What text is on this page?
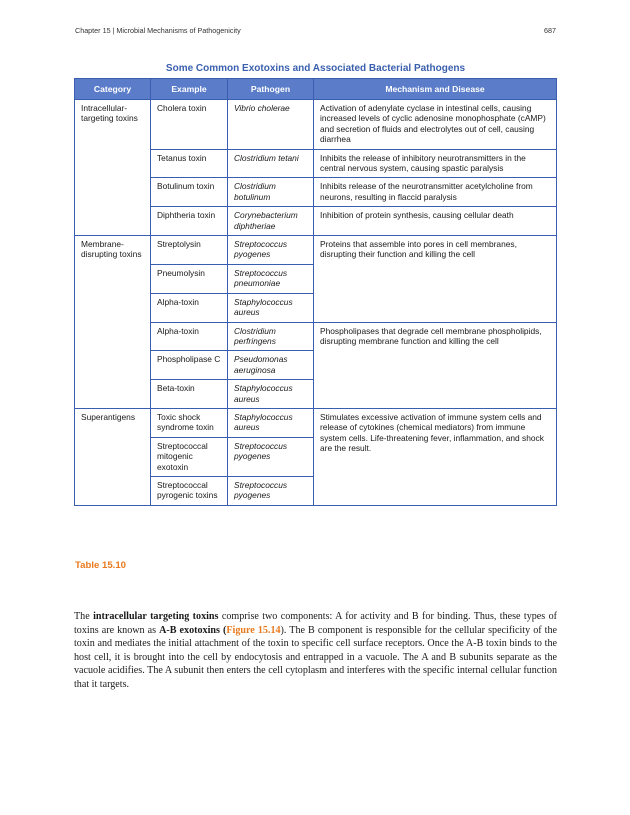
Chapter 15 | Microbial Mechanisms of Pathogenicity	687
Some Common Exotoxins and Associated Bacterial Pathogens
Category	Example	Pathogen	Mechanism and Disease
Intracellular-targeting toxins	Cholera toxin	Vibrio cholerae	Activation of adenylate cyclase in intestinal cells, causing increased levels of cyclic adenosine monophosphate (cAMP) and secretion of fluids and electrolytes out of cell, causing diarrhea
	Tetanus toxin	Clostridium tetani	Inhibits the release of inhibitory neurotransmitters in the central nervous system, causing spastic paralysis
	Botulinum toxin	Clostridium botulinum	Inhibits release of the neurotransmitter acetylcholine from neurons, resulting in flaccid paralysis
	Diphtheria toxin	Corynebacterium diphtheriae	Inhibition of protein synthesis, causing cellular death
Membrane-disrupting toxins	Streptolysin	Streptococcus pyogenes	Proteins that assemble into pores in cell membranes, disrupting their function and killing the cell
	Pneumolysin	Streptococcus pneumoniae	
	Alpha-toxin	Staphylococcus aureus	
	Alpha-toxin	Clostridium perfringens	Phospholipases that degrade cell membrane phospholipids, disrupting membrane function and killing the cell
	Phospholipase C	Pseudomonas aeruginosa	
	Beta-toxin	Staphylococcus aureus	
Superantigens	Toxic shock syndrome toxin	Staphylococcus aureus	Stimulates excessive activation of immune system cells and release of cytokines (chemical mediators) from immune system cells. Life-threatening fever, inflammation, and shock are the result.
	Streptococcal mitogenic exotoxin	Streptococcus pyogenes	
	Streptococcal pyrogenic toxins	Streptococcus pyogenes	
Table 15.10

The intracellular targeting toxins comprise two components: A for activity and B for binding. Thus, these types of toxins are known as A-B exotoxins (Figure 15.14). The B component is responsible for the cellular specificity of the toxin and mediates the initial attachment of the toxin to specific cell surface receptors. Once the A-B toxin binds to the host cell, it is brought into the cell by endocytosis and entrapped in a vacuole. The A and B subunits separate as the vacuole acidifies. The A subunit then enters the cell cytoplasm and interferes with the specific internal cellular function that it targets.
